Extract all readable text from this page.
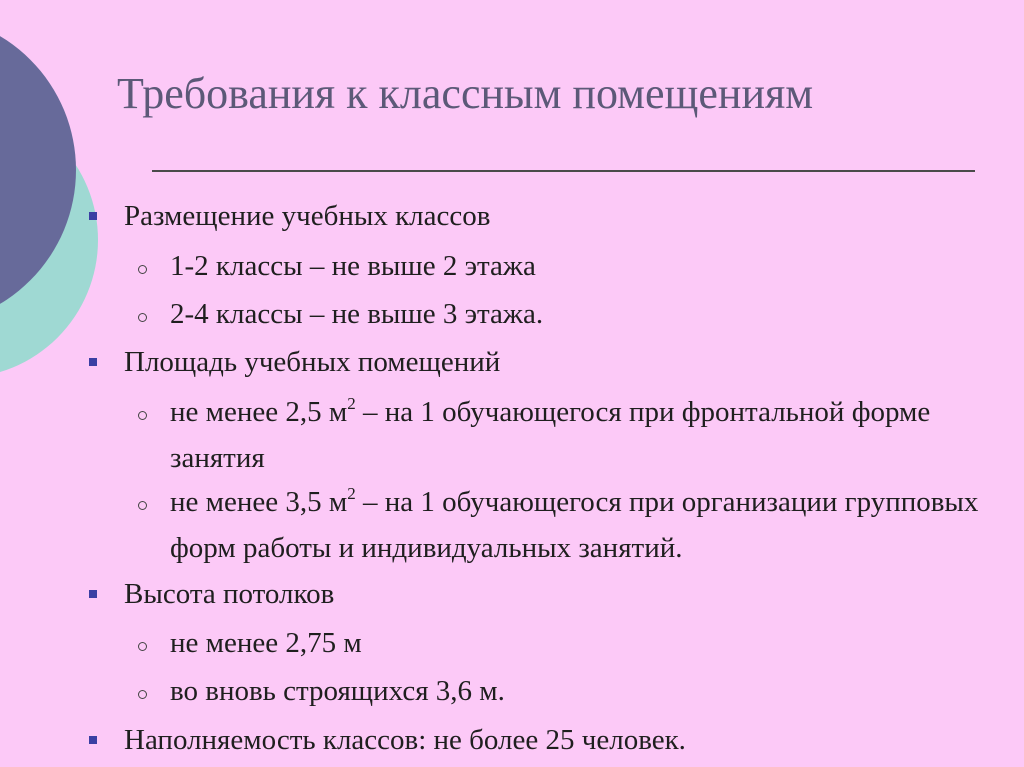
Требования к классным помещениям
Размещение учебных классов
1-2 классы – не выше 2 этажа
2-4 классы – не выше 3 этажа.
Площадь учебных помещений
не менее 2,5 $м^2$ – на 1 обучающегося при фронтальной форме занятия
не менее 3,5 $м^2$ – на 1 обучающегося при организации групповых форм работы и индивидуальных занятий.
Высота потолков
не менее 2,75 м
во вновь строящихся 3,6 м.
Наполняемость классов: не более 25 человек.
